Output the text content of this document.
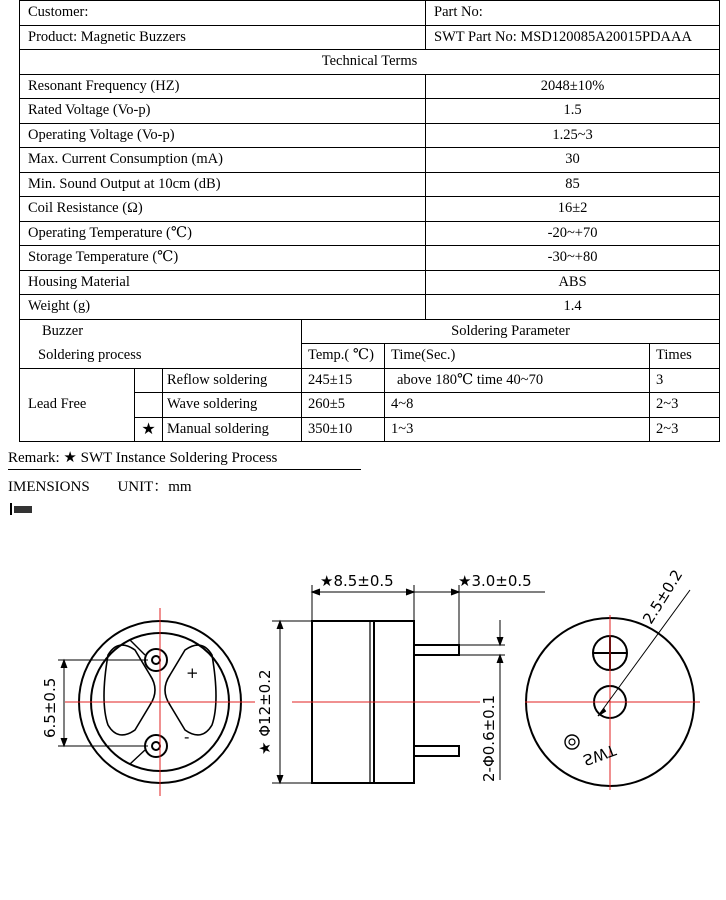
Customer:					Part No:	
Product: Magnetic Buzzers					SWT Part No: MSD120085A20015PDAAA	
Technical Terms						
Resonant Frequency (HZ)					2048±10%	
Rated Voltage (Vo-p)					1.5	
Operating Voltage (Vo-p)					1.25~3	
Max. Current Consumption (mA)					30	
Min. Sound Output at 10cm (dB)					85	
Coil Resistance (Ω)					16±2	
Operating Temperature (℃)					-20~+70	
Storage Temperature (℃)					-30~+80	
Housing Material					ABS	
Weight (g)					1.4	
Buzzer			Soldering Parameter			
Soldering process			Temp.( ℃)	Time(Sec.)		Times
Lead Free		Reflow soldering	245±15	above 180℃ time 40~70		3
		Wave soldering	260±5	4~8		2~3
	★	Manual soldering	350±10	1~3		2~3
Remark: ★ SWT Instance Soldering Process
IMENSIONS UNIT：mm
+
-
6.5±0.5
★8.5±0.5	★3.0±0.5
★ Φ12±0.2	2-Φ0.6±0.1
2.5±0.2
SWT
